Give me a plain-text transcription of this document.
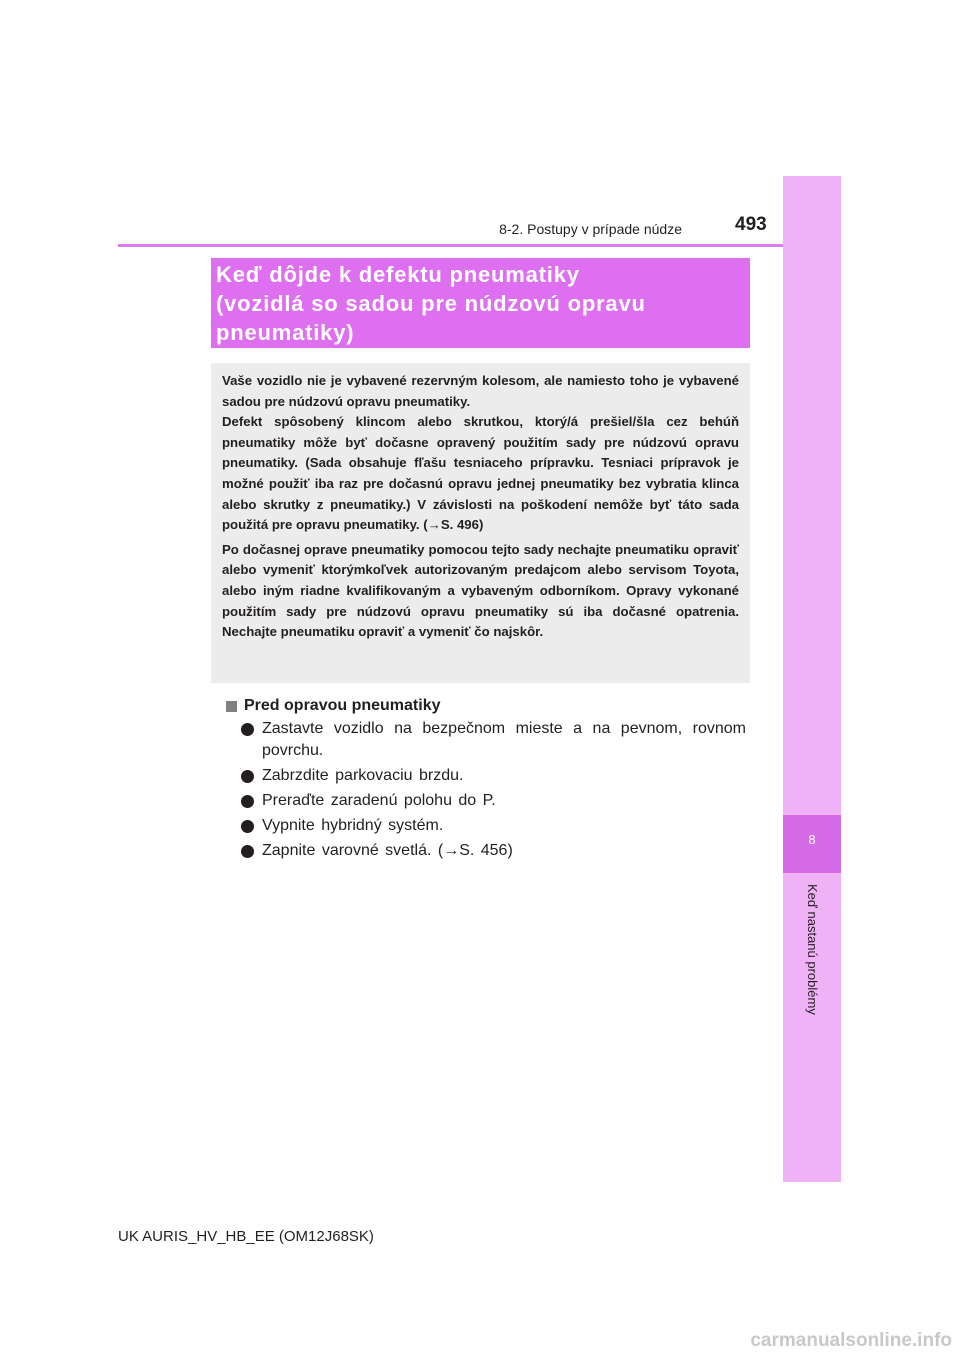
8
Keď nastanú problémy
493
8-2. Postupy v prípade núdze
Keď dôjde k defektu pneumatiky
(vozidlá so sadou pre núdzovú opravu
pneumatiky)

Vaše vozidlo nie je vybavené rezervným kolesom, ale namiesto toho je vybavené sadou pre núdzovú opravu pneumatiky.

Defekt spôsobený klincom alebo skrutkou, ktorý/á prešiel/šla cez behúň pneumatiky môže byť dočasne opravený použitím sady pre núdzovú opravu pneumatiky. (Sada obsahuje fľašu tesniaceho prípravku. Tesniaci prípravok je možné použiť iba raz pre dočasnú opravu jednej pneumatiky bez vybratia klinca alebo skrutky z pneumatiky.) V závislosti na poškodení nemôže byť táto sada použitá pre opravu pneumatiky. (→S. 496)

Po dočasnej oprave pneumatiky pomocou tejto sady nechajte pneumatiku opraviť alebo vymeniť ktorýmkoľvek autorizovaným predajcom alebo servisom Toyota, alebo iným riadne kvalifikovaným a vybaveným odborníkom. Opravy vykonané použitím sady pre núdzovú opravu pneumatiky sú iba dočasné opatrenia. Nechajte pneumatiku opraviť a vymeniť čo najskôr.

Pred opravou pneumatiky
Zastavte vozidlo na bezpečnom mieste a na pevnom, rovnom povrchu.
Zabrzdite parkovaciu brzdu.
Preraďte zaradenú polohu do P.
Vypnite hybridný systém.
Zapnite varovné svetlá. (→S. 456)
UK AURIS_HV_HB_EE (OM12J68SK)
carmanualsonline.info
